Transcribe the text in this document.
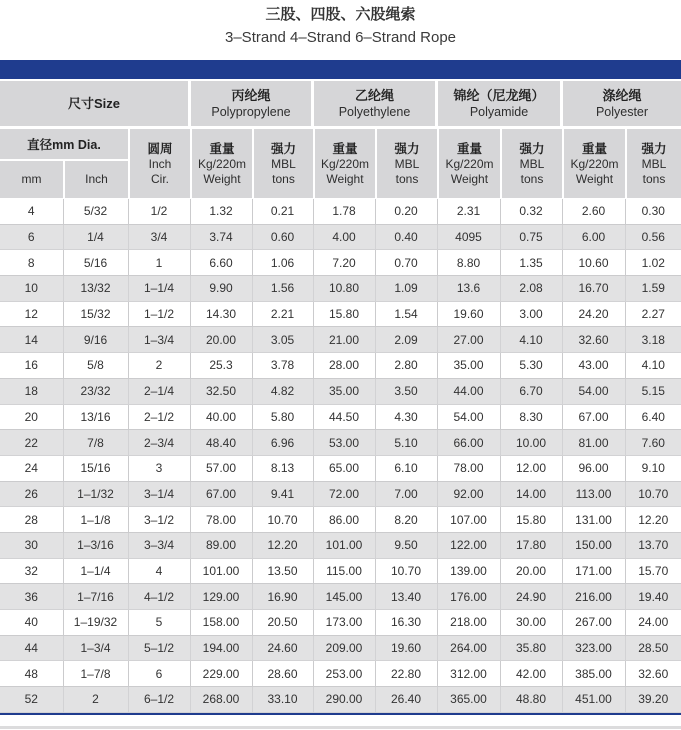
三股、四股、六股绳索
3–Strand 4–Strand 6–Strand Rope
尺寸Size
丙纶绳
Polypropylene
乙纶绳
Polyethylene
锦纶（尼龙绳）
Polyamide
涤纶绳
Polyester
直径mm Dia.
mm	Inch
圆周
Inch
Cir.
重量
Kg/220m
Weight
强力
MBL
tons
重量
Kg/220m
Weight
强力
MBL
tons
重量
Kg/220m
Weight
强力
MBL
tons
重量
Kg/220m
Weight
强力
MBL
tons
4	5/32	1/2	1.32	0.21	1.78	0.20	2.31	0.32	2.60	0.30
6	1/4	3/4	3.74	0.60	4.00	0.40	4095	0.75	6.00	0.56
8	5/16	1	6.60	1.06	7.20	0.70	8.80	1.35	10.60	1.02
10	13/32	1–1/4	9.90	1.56	10.80	1.09	13.6	2.08	16.70	1.59
12	15/32	1–1/2	14.30	2.21	15.80	1.54	19.60	3.00	24.20	2.27
14	9/16	1–3/4	20.00	3.05	21.00	2.09	27.00	4.10	32.60	3.18
16	5/8	2	25.3	3.78	28.00	2.80	35.00	5.30	43.00	4.10
18	23/32	2–1/4	32.50	4.82	35.00	3.50	44.00	6.70	54.00	5.15
20	13/16	2–1/2	40.00	5.80	44.50	4.30	54.00	8.30	67.00	6.40
22	7/8	2–3/4	48.40	6.96	53.00	5.10	66.00	10.00	81.00	7.60
24	15/16	3	57.00	8.13	65.00	6.10	78.00	12.00	96.00	9.10
26	1–1/32	3–1/4	67.00	9.41	72.00	7.00	92.00	14.00	113.00	10.70
28	1–1/8	3–1/2	78.00	10.70	86.00	8.20	107.00	15.80	131.00	12.20
30	1–3/16	3–3/4	89.00	12.20	101.00	9.50	122.00	17.80	150.00	13.70
32	1–1/4	4	101.00	13.50	115.00	10.70	139.00	20.00	171.00	15.70
36	1–7/16	4–1/2	129.00	16.90	145.00	13.40	176.00	24.90	216.00	19.40
40	1–19/32	5	158.00	20.50	173.00	16.30	218.00	30.00	267.00	24.00
44	1–3/4	5–1/2	194.00	24.60	209.00	19.60	264.00	35.80	323.00	28.50
48	1–7/8	6	229.00	28.60	253.00	22.80	312.00	42.00	385.00	32.60
52	2	6–1/2	268.00	33.10	290.00	26.40	365.00	48.80	451.00	39.20
